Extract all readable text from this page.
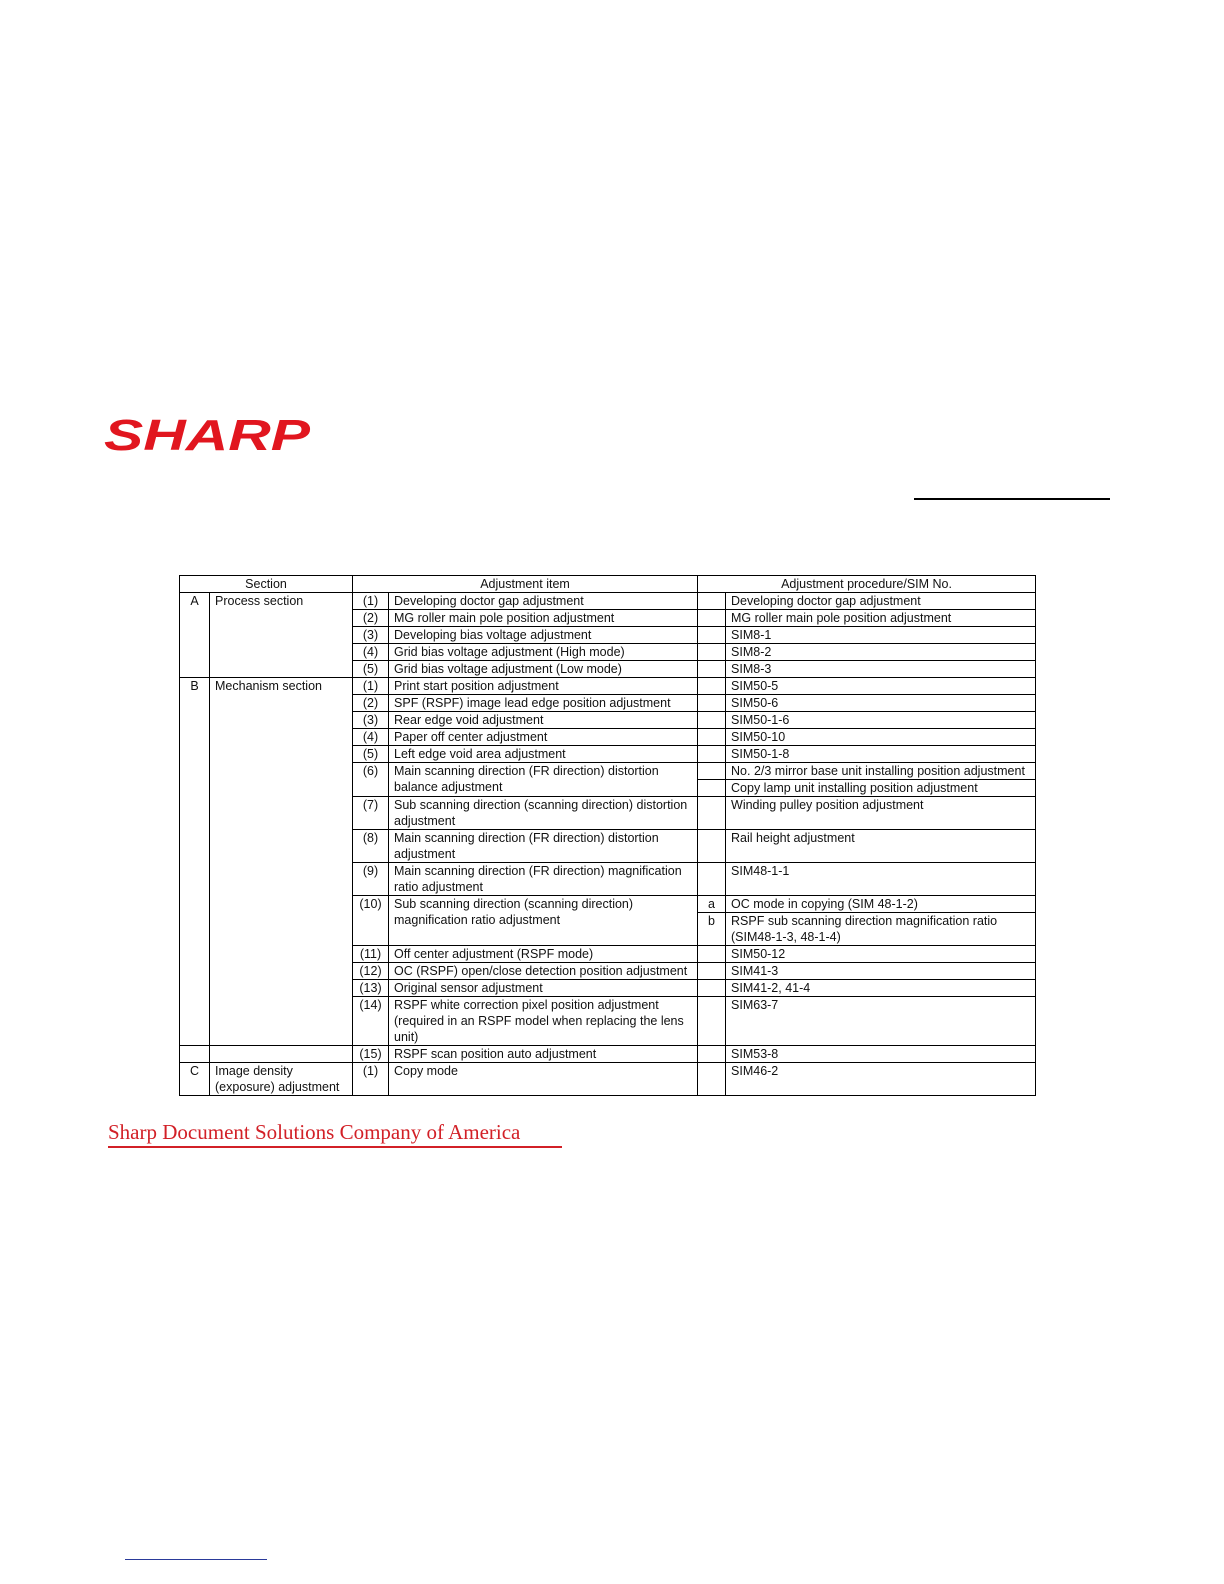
SHARP
Section		Adjustment item		Adjustment procedure/SIM No.	
A	Process section	(1)	Developing doctor gap adjustment		Developing doctor gap adjustment
		(2)	MG roller main pole position adjustment		MG roller main pole position adjustment
		(3)	Developing bias voltage adjustment		SIM8-1
		(4)	Grid bias voltage adjustment (High mode)		SIM8-2
		(5)	Grid bias voltage adjustment (Low mode)		SIM8-3
B	Mechanism section	(1)	Print start position adjustment		SIM50-5
		(2)	SPF (RSPF) image lead edge position adjustment		SIM50-6
		(3)	Rear edge void adjustment		SIM50-1-6
		(4)	Paper off center adjustment		SIM50-10
		(5)	Left edge void area adjustment		SIM50-1-8
		(6)	Main scanning direction (FR direction) distortion balance adjustment		No. 2/3 mirror base unit installing position adjustment
					Copy lamp unit installing position adjustment
		(7)	Sub scanning direction (scanning direction) distortion adjustment		Winding pulley position adjustment
		(8)	Main scanning direction (FR direction) distortion adjustment		Rail height adjustment
		(9)	Main scanning direction (FR direction) magnification ratio adjustment		SIM48-1-1
		(10)	Sub scanning direction (scanning direction) magnification ratio adjustment	a	OC mode in copying (SIM 48-1-2)
				b	RSPF sub scanning direction magnification ratio (SIM48-1-3, 48-1-4)
		(11)	Off center adjustment (RSPF mode)		SIM50-12
		(12)	OC (RSPF) open/close detection position adjustment		SIM41-3
		(13)	Original sensor adjustment		SIM41-2, 41-4
		(14)	RSPF white correction pixel position adjustment (required in an RSPF model when replacing the lens unit)		SIM63-7
		(15)	RSPF scan position auto adjustment		SIM53-8
C	Image density (exposure) adjustment	(1)	Copy mode		SIM46-2
Sharp Document Solutions Company of America
